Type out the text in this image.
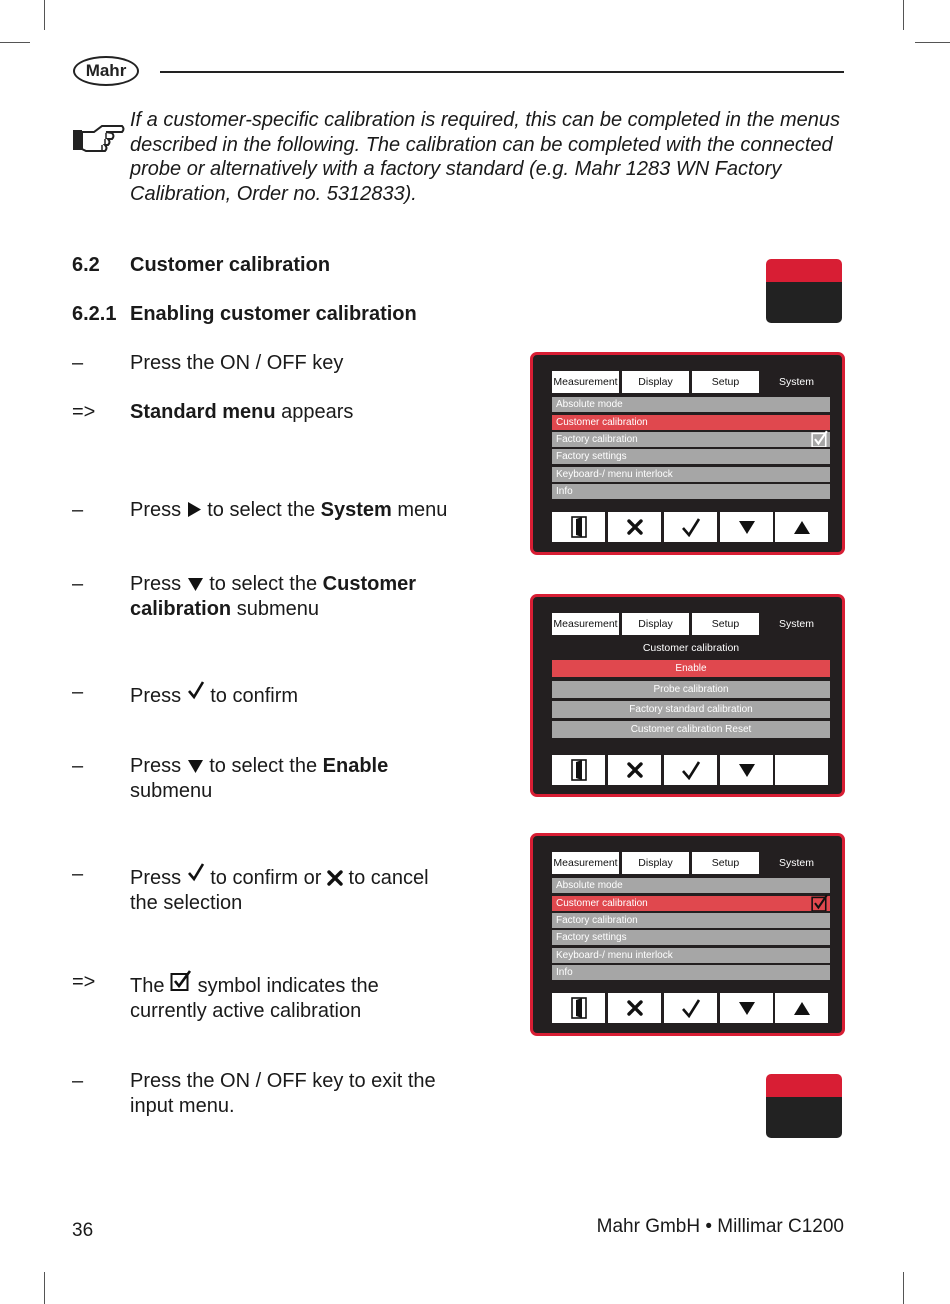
Mahr
If a customer-specific calibration is required, this can be completed in the menus described in the following. The calibration can be completed with the connected probe or alternatively with a factory standard (e.g. Mahr 1283 WN Factory Calibration, Order no. 5312833).
6.2 Customer calibration
6.2.1 Enabling customer calibration
– Press the ON / OFF key
=> Standard menu appears
– Press  to select the System menu
– Press  to select the Customer calibration submenu
– Press  to confirm
– Press  to select the Enable submenu
– Press  to confirm or  to cancel the selection
=> The  symbol indicates the currently active calibration
– Press the ON / OFF key to exit the input menu.
Measurement	Display	Setup	System
Absolute mode
Customer calibration
Factory calibration
Factory settings
Keyboard-/ menu interlock
Info
Measurement	Display	Setup	System
Customer calibration
Enable
Probe calibration
Factory standard calibration
Customer calibration Reset
Measurement	Display	Setup	System
Absolute mode
Customer calibration
Factory calibration
Factory settings
Keyboard-/ menu interlock
Info
36	Mahr GmbH • Millimar C1200
